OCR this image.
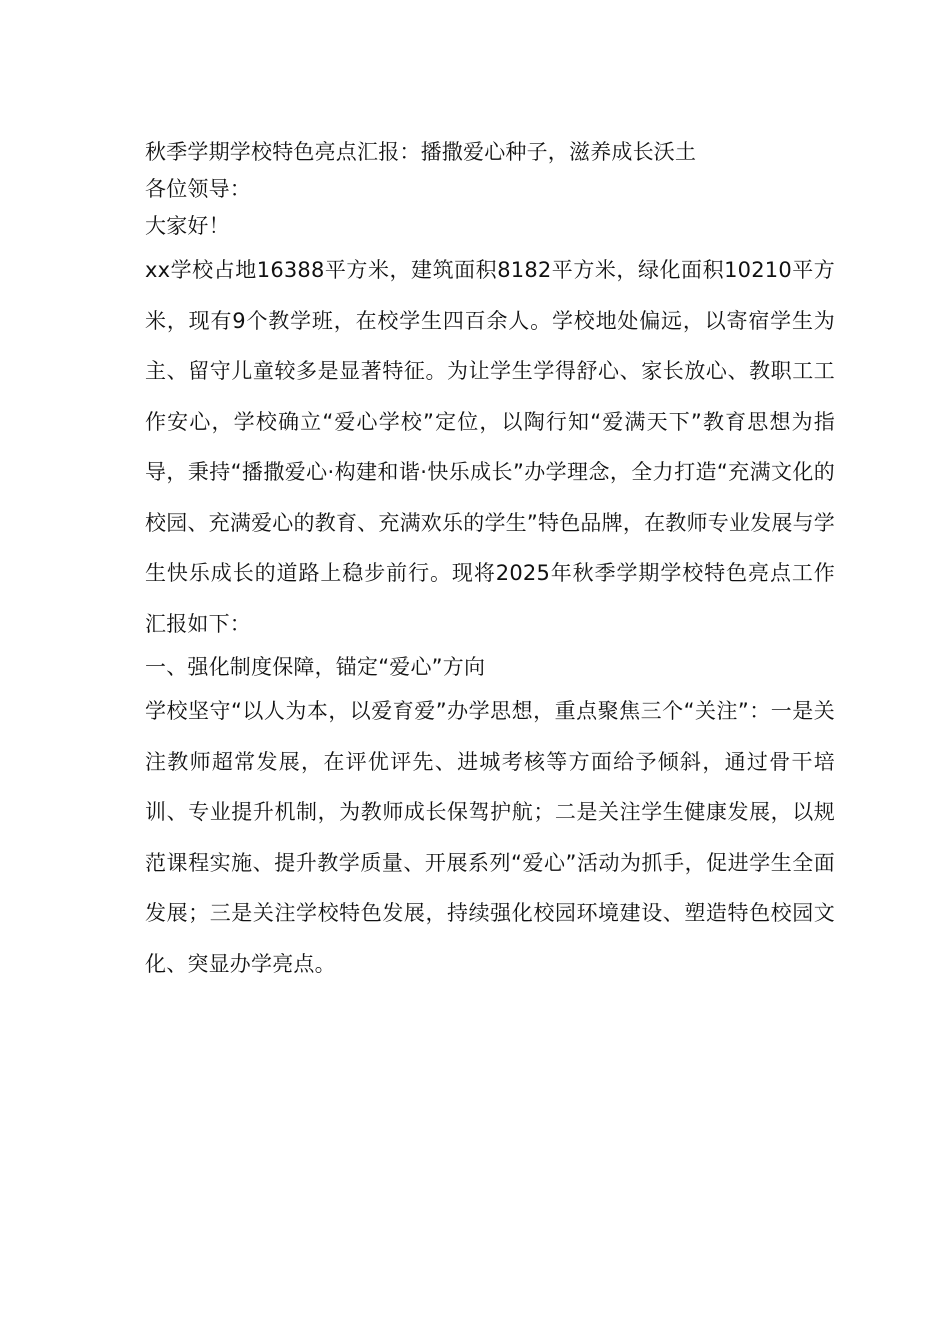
秋季学期学校特色亮点汇报：播撒爱心种子，滋养成长沃土

各位领导：

大家好！

xx学校占地16388平方米，建筑面积8182平方米，绿化面积10210平方米，现有9个教学班，在校学生四百余人。学校地处偏远，以寄宿学生为主、留守儿童较多是显著特征。为让学生学得舒心、家长放心、教职工工作安心，学校确立“爱心学校”定位，以陶行知“爱满天下”教育思想为指导，秉持“播撒爱心·构建和谐·快乐成长”办学理念，全力打造“充满文化的校园、充满爱心的教育、充满欢乐的学生”特色品牌，在教师专业发展与学生快乐成长的道路上稳步前行。现将2025年秋季学期学校特色亮点工作汇报如下：

一、强化制度保障，锚定“爱心”方向

学校坚守“以人为本，以爱育爱”办学思想，重点聚焦三个“关注”：一是关注教师超常发展，在评优评先、进城考核等方面给予倾斜，通过骨干培训、专业提升机制，为教师成长保驾护航；二是关注学生健康发展，以规范课程实施、提升教学质量、开展系列“爱心”活动为抓手，促进学生全面发展；三是关注学校特色发展，持续强化校园环境建设、塑造特色校园文化、突显办学亮点。
